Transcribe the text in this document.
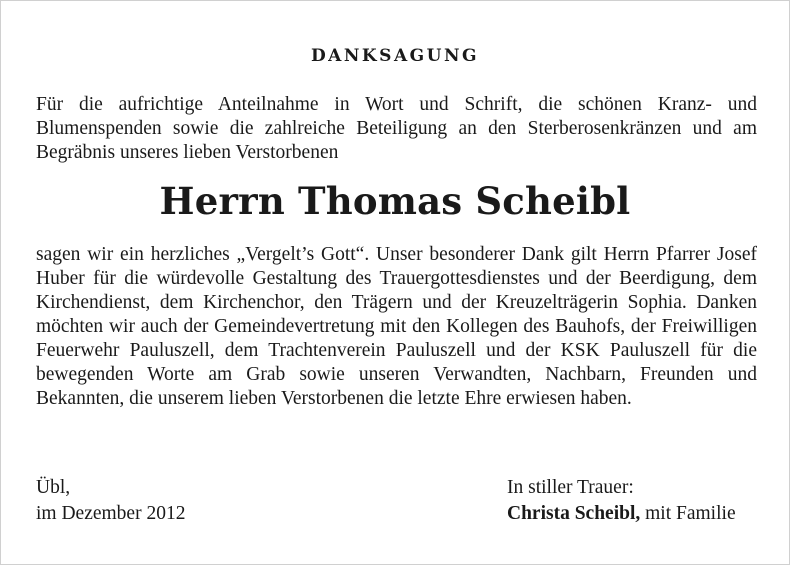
DANKSAGUNG
Für die aufrichtige Anteilnahme in Wort und Schrift, die schönen Kranz- und Blumenspenden sowie die zahlreiche Beteiligung an den Sterberosenkränzen und am Begräbnis unseres lieben Verstorbenen
Herrn Thomas Scheibl
sagen wir ein herzliches „Vergelt’s Gott“. Unser besonderer Dank gilt Herrn Pfarrer Josef Huber für die würdevolle Gestaltung des Trauergottesdienstes und der Beerdigung, dem Kirchendienst, dem Kirchenchor, den Trägern und der Kreuzelträgerin Sophia. Danken möchten wir auch der Gemeindevertretung mit den Kollegen des Bauhofs, der Freiwilligen Feuerwehr Pauluszell, dem Trachtenverein Pauluszell und der KSK Pauluszell für die bewegenden Worte am Grab sowie unseren Verwandten, Nachbarn, Freunden und Bekannten, die unserem lieben Verstorbenen die letzte Ehre erwiesen haben.
Übl,
im Dezember 2012
In stiller Trauer:
Christa Scheibl, mit Familie
